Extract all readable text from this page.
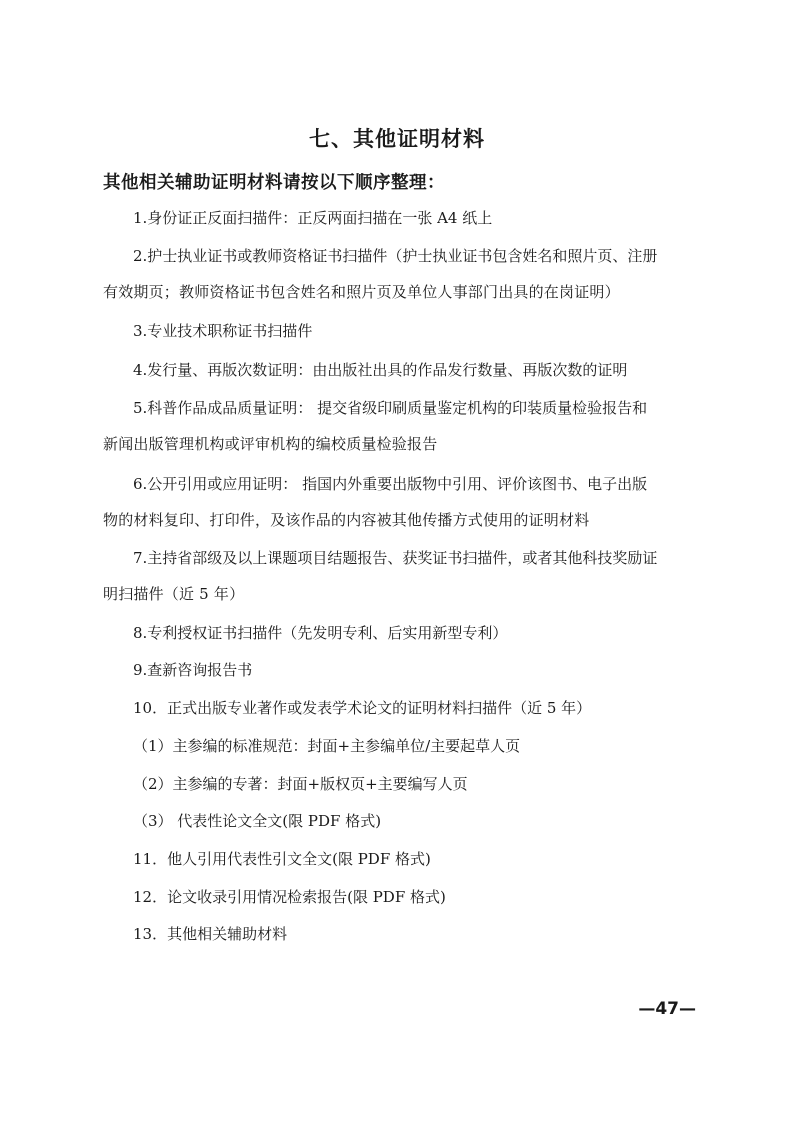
七、其他证明材料
其他相关辅助证明材料请按以下顺序整理：
1.身份证正反面扫描件：正反两面扫描在一张 A4 纸上
2.护士执业证书或教师资格证书扫描件（护士执业证书包含姓名和照片页、注册
有效期页；教师资格证书包含姓名和照片页及单位人事部门出具的在岗证明）
3.专业技术职称证书扫描件
4.发行量、再版次数证明：由出版社出具的作品发行数量、再版次数的证明
5.科普作品成品质量证明： 提交省级印刷质量鉴定机构的印装质量检验报告和
新闻出版管理机构或评审机构的编校质量检验报告
6.公开引用或应用证明： 指国内外重要出版物中引用、评价该图书、电子出版
物的材料复印、打印件，及该作品的内容被其他传播方式使用的证明材料
7.主持省部级及以上课题项目结题报告、获奖证书扫描件，或者其他科技奖励证
明扫描件（近 5 年）
8.专利授权证书扫描件（先发明专利、后实用新型专利）
9.查新咨询报告书
10．正式出版专业著作或发表学术论文的证明材料扫描件（近 5 年）
（1）主参编的标准规范：封面+主参编单位/主要起草人页
（2）主参编的专著：封面+版权页+主要编写人页
（3） 代表性论文全文(限 PDF 格式)
11．他人引用代表性引文全文(限 PDF 格式)
12．论文收录引用情况检索报告(限 PDF 格式)
13．其他相关辅助材料
—47—
